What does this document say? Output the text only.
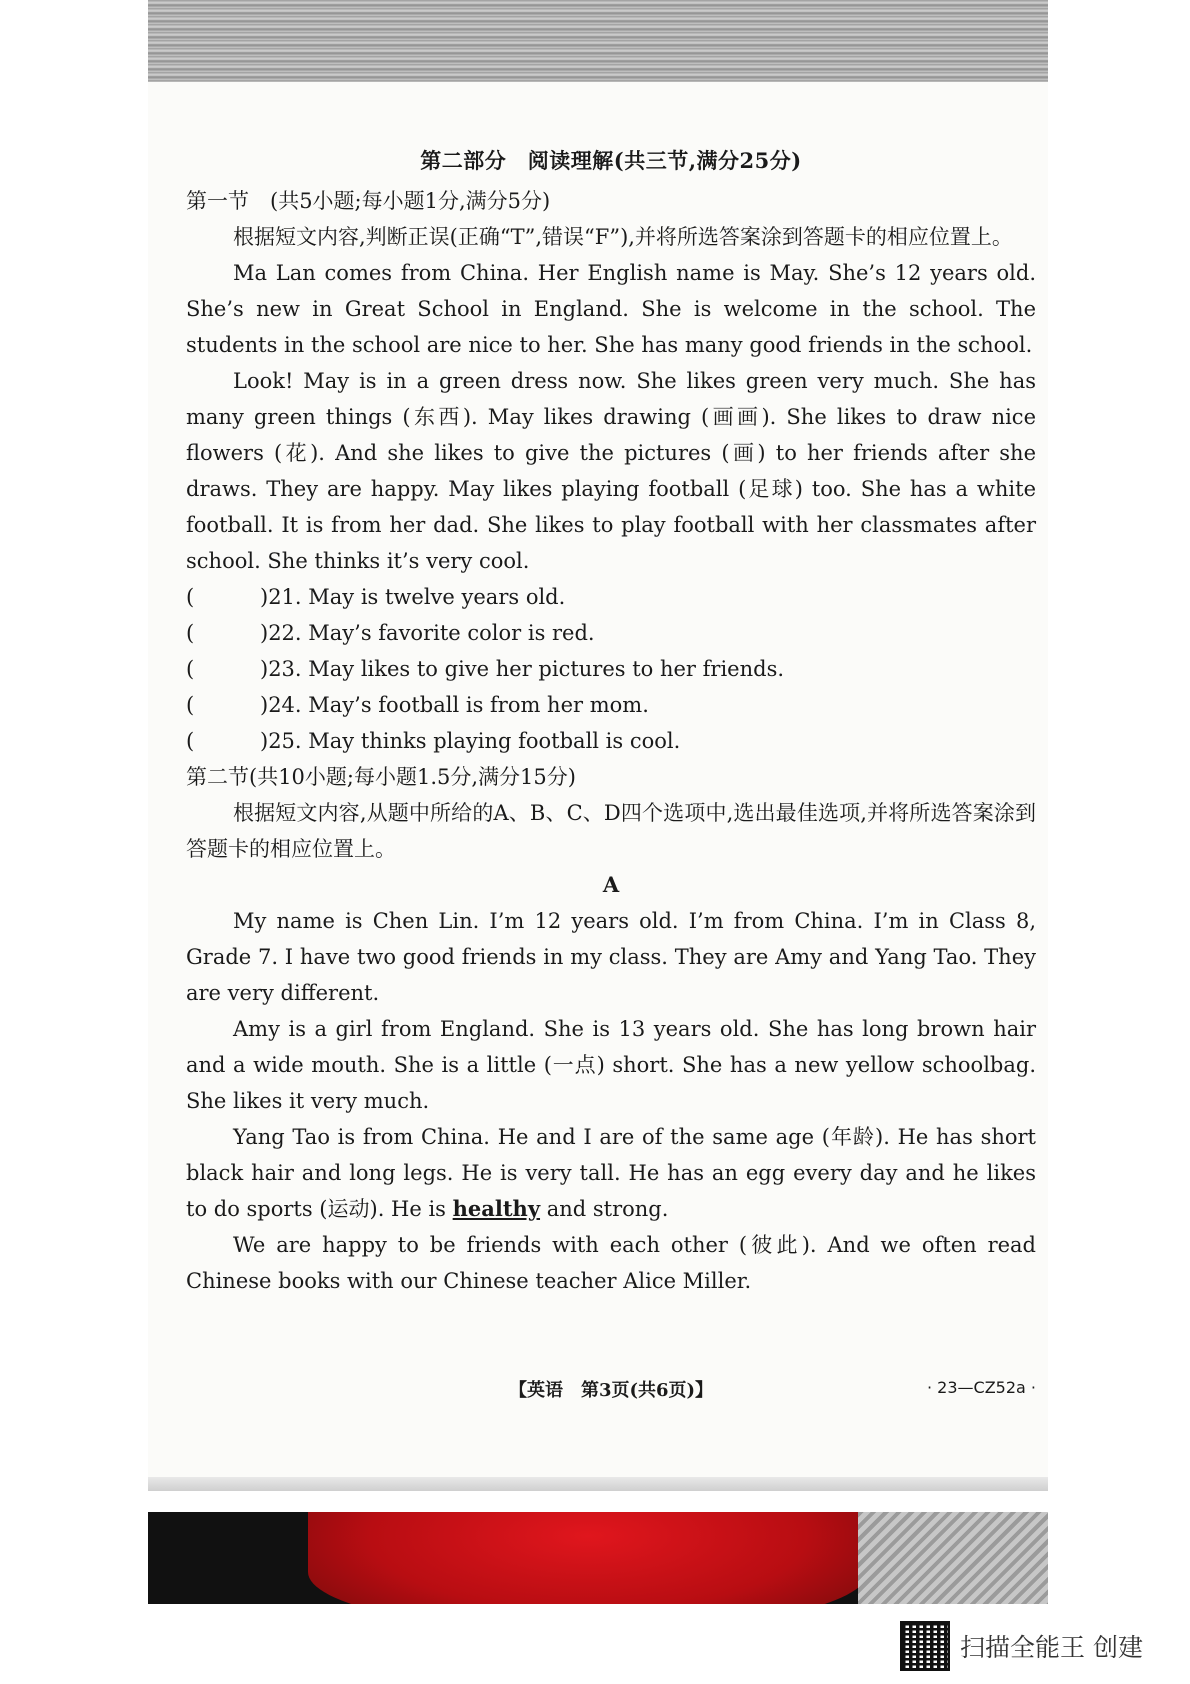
第二部分　阅读理解(共三节,满分25分)

第一节　(共5小题;每小题1分,满分5分)

根据短文内容,判断正误(正确“T”,错误“F”),并将所选答案涂到答题卡的相应位置上。

Ma Lan comes from China. Her English name is May. She’s 12 years old. She’s new in Great School in England. She is welcome in the school. The students in the school are nice to her. She has many good friends in the school.

Look! May is in a green dress now. She likes green very much. She has many green things (东西). May likes drawing (画画). She likes to draw nice flowers (花). And she likes to give the pictures (画) to her friends after she draws. They are happy. May likes playing football (足球) too. She has a white football. It is from her dad. She likes to play football with her classmates after school. She thinks it’s very cool.

(	)21. May is twelve years old.

(	)22. May’s favorite color is red.

(	)23. May likes to give her pictures to her friends.

(	)24. May’s football is from her mom.

(	)25. May thinks playing football is cool.

第二节(共10小题;每小题1.5分,满分15分)

根据短文内容,从题中所给的A、B、C、D四个选项中,选出最佳选项,并将所选答案涂到答题卡的相应位置上。

A

My name is Chen Lin. I’m 12 years old. I’m from China. I’m in Class 8, Grade 7. I have two good friends in my class. They are Amy and Yang Tao. They are very different.

Amy is a girl from England. She is 13 years old. She has long brown hair and a wide mouth. She is a little (一点) short. She has a new yellow schoolbag. She likes it very much.

Yang Tao is from China. He and I are of the same age (年龄). He has short black hair and long legs. He is very tall. He has an egg every day and he likes to do sports (运动). He is healthy and strong.

We are happy to be friends with each other (彼此). And we often read Chinese books with our Chinese teacher Alice Miller.

【英语　第3页(共6页)】	· 23—CZ52a ·
扫描全能王 创建
